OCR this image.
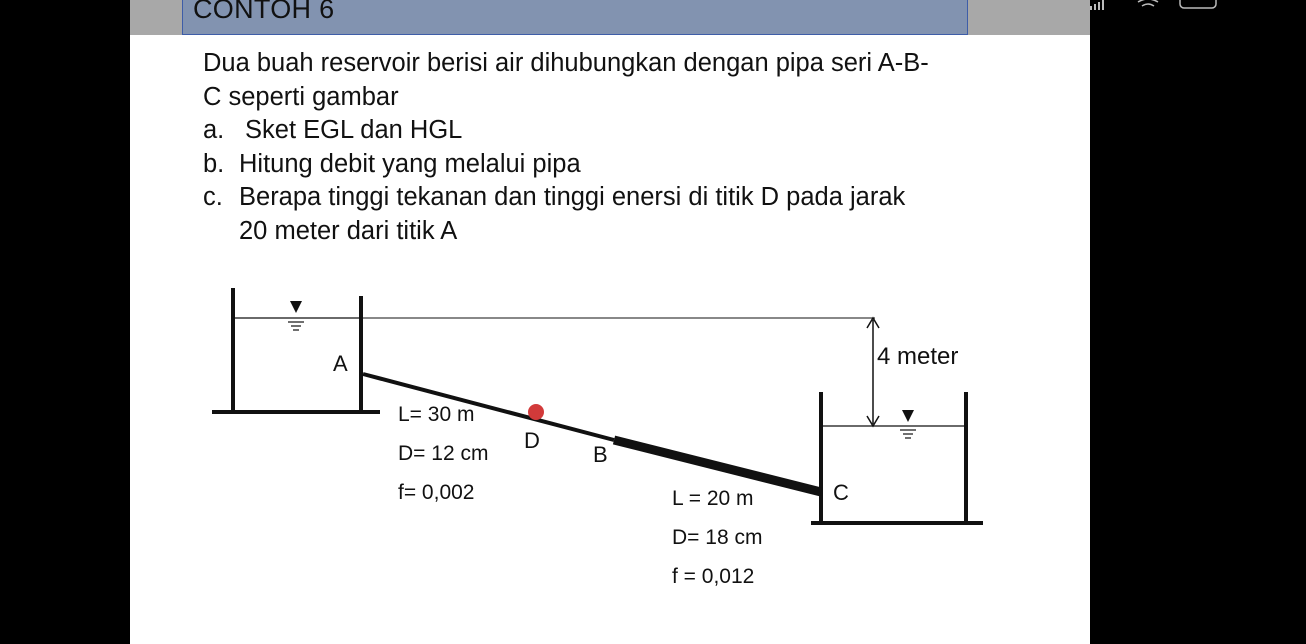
CONTOH 6

Dua buah reservoir berisi air dihubungkan dengan pipa seri A-B-

C seperti gambar

a. Sket EGL dan HGL

b. Hitung debit yang melalui pipa

c. Berapa tinggi tekanan dan tinggi enersi di titik D pada jarak

20 meter dari titik A

A
B
C
D
4 meter
L= 30 m
D= 12 cm
f= 0,002	L = 20 m
D= 18 cm
f = 0,012
